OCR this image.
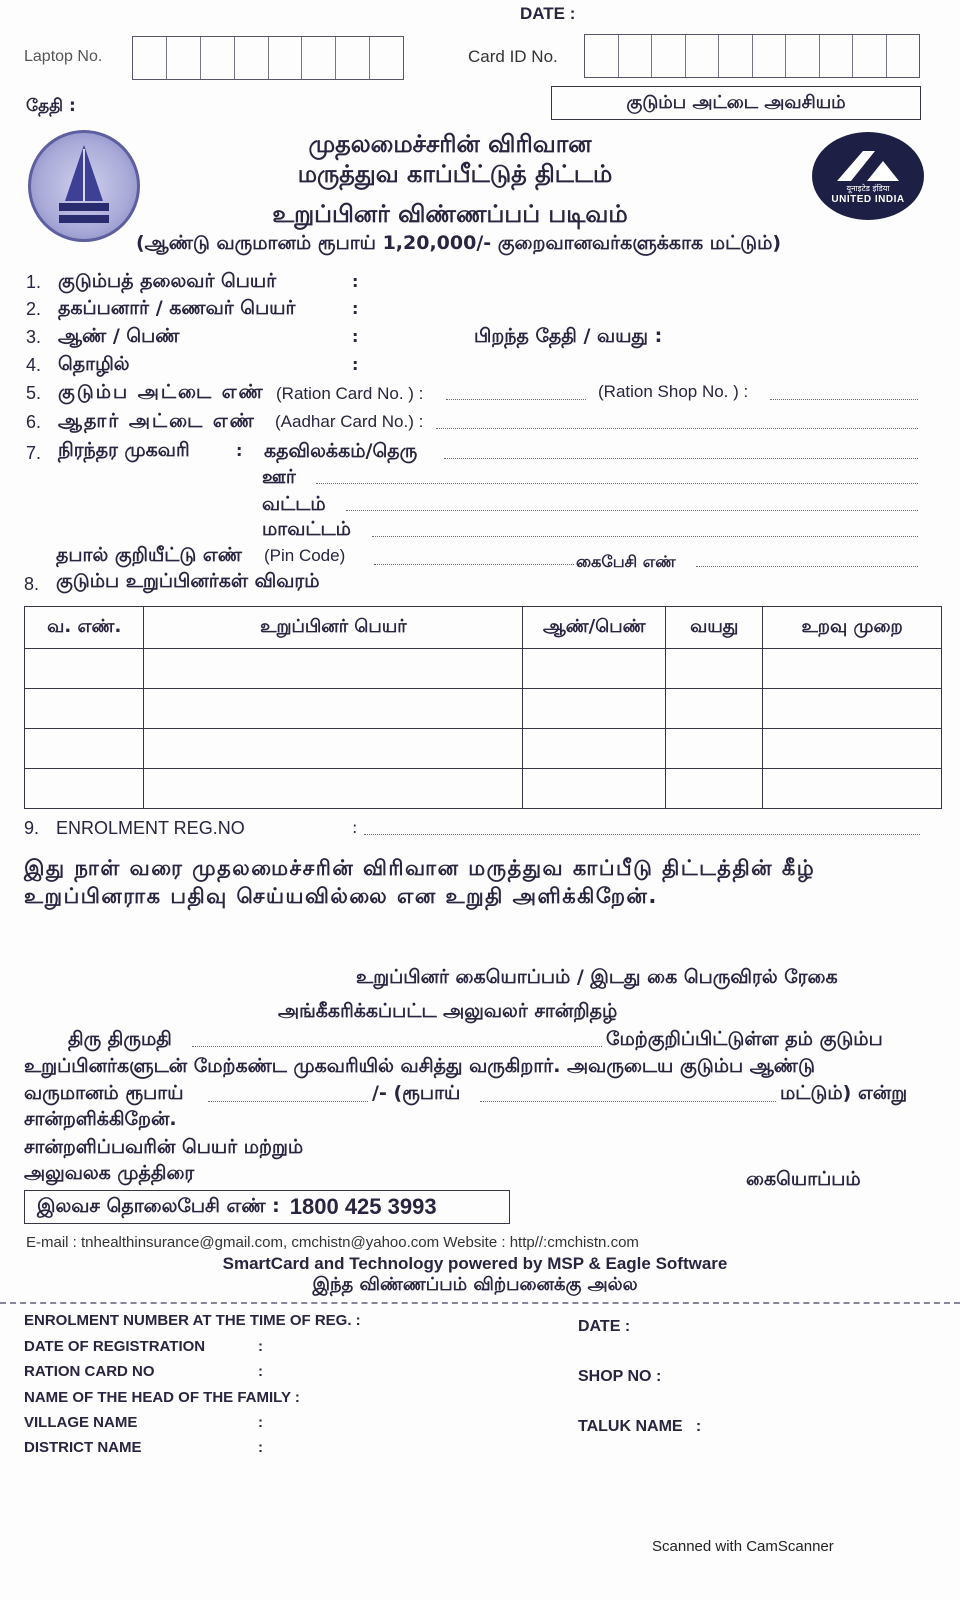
DATE :
Laptop No.	Card ID No.
தேதி :	குடும்ப அட்டை அவசியம்
यूनाइटेड इंडिया
UNITED INDIA
முதலமைச்சரின் விரிவான
மருத்துவ காப்பீட்டுத் திட்டம்
உறுப்பினர் விண்ணப்பப் படிவம்
(ஆண்டு வருமானம் ரூபாய் 1,20,000/- குறைவானவர்களுக்காக மட்டும்)
1. குடும்பத் தலைவர் பெயர்	:
2. தகப்பனார் / கணவர் பெயர்	:
3. ஆண் / பெண்	:	பிறந்த தேதி / வயது :
4. தொழில்	:
5. குடும்ப அட்டை எண் (Ration Card No. ) :	(Ration Shop No. ) :
6. ஆதார் அட்டை எண் (Aadhar Card No.) :
7. நிரந்தர முகவரி	: கதவிலக்கம்/தெரு
ஊர்
வட்டம்
மாவட்டம்
தபால் குறியீட்டு எண் (Pin Code)	கைபேசி எண்
8. குடும்ப உறுப்பினர்கள் விவரம்
வ. எண்.	உறுப்பினர் பெயர்	ஆண்/பெண்	வயது	உறவு முறை

9. ENROLMENT REG.NO	:
இது நாள் வரை முதலமைச்சரின் விரிவான மருத்துவ காப்பீடு திட்டத்தின் கீழ்
உறுப்பினராக பதிவு செய்யவில்லை என உறுதி அளிக்கிறேன்.
உறுப்பினர் கையொப்பம் / இடது கை பெருவிரல் ரேகை
அங்கீகரிக்கப்பட்ட அலுவலர் சான்றிதழ்
திரு திருமதி	மேற்குறிப்பிட்டுள்ள தம் குடும்ப
உறுப்பினர்களுடன் மேற்கண்ட முகவரியில் வசித்து வருகிறார். அவருடைய குடும்ப ஆண்டு
வருமானம் ரூபாய்	/- (ரூபாய்	மட்டும்) என்று
சான்றளிக்கிறேன்.
சான்றளிப்பவரின் பெயர் மற்றும்
அலுவலக முத்திரை	கையொப்பம்
இலவச தொலைபேசி எண் : 1800 425 3993
E-mail : tnhealthinsurance@gmail.com, cmchistn@yahoo.com Website : http//:cmchistn.com
SmartCard and Technology powered by MSP & Eagle Software
இந்த விண்ணப்பம் விற்பனைக்கு அல்ல
ENROLMENT NUMBER AT THE TIME OF REG. :	DATE :
DATE OF REGISTRATION	:
RATION CARD NO	:	SHOP NO :
NAME OF THE HEAD OF THE FAMILY :
VILLAGE NAME	:	TALUK NAME   :
DISTRICT NAME	:
Scanned with CamScanner
